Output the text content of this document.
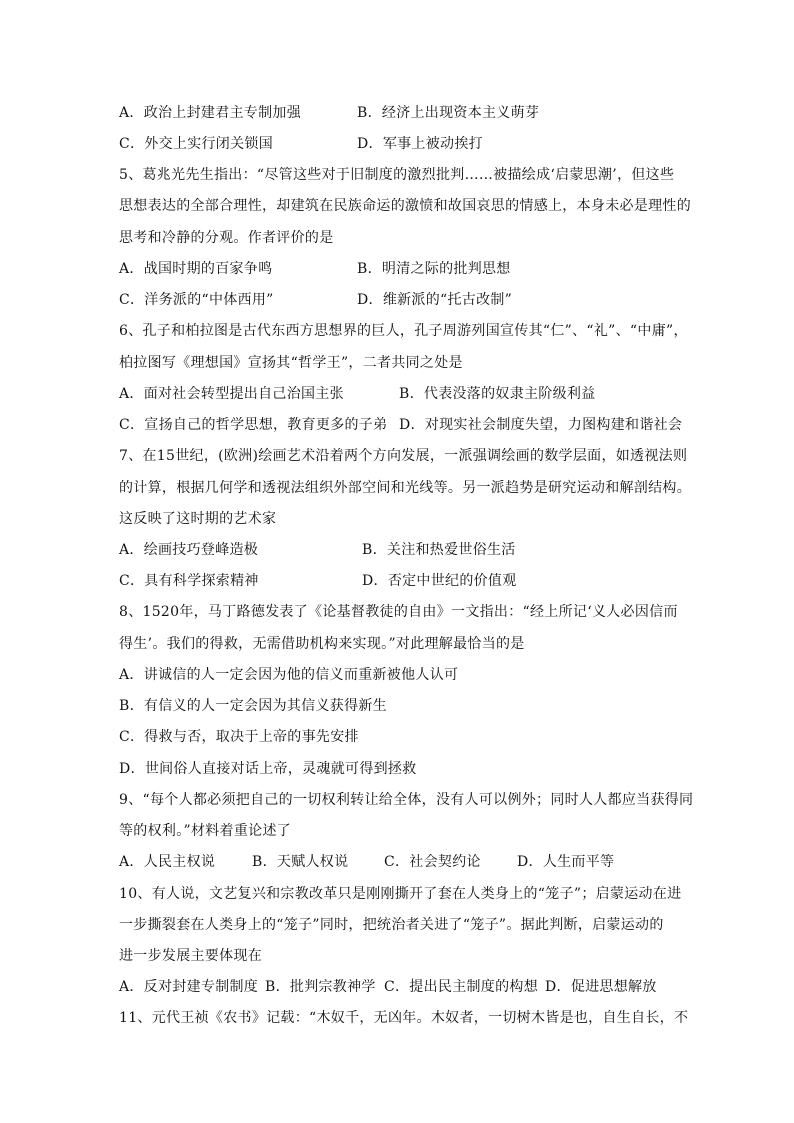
A．政治上封建君主专制加强	B．经济上出现资本主义萌芽
C．外交上实行闭关锁国	D．军事上被动挨打
5、葛兆光先生指出：“尽管这些对于旧制度的激烈批判……被描绘成‘启蒙思潮’，但这些
思想表达的全部合理性，却建筑在民族命运的激愤和故国哀思的情感上，本身未必是理性的
思考和冷静的分观。作者评价的是
A．战国时期的百家争鸣	B．明清之际的批判思想
C．洋务派的“中体西用”	D．维新派的“托古改制”
6、孔子和柏拉图是古代东西方思想界的巨人，孔子周游列国宣传其“仁”、“礼”、“中庸”，
柏拉图写《理想国》宣扬其“哲学王”，二者共同之处是
A．面对社会转型提出自己治国主张	B．代表没落的奴隶主阶级利益
C．宣扬自己的哲学思想，教育更多的子弟 D．对现实社会制度失望，力图构建和谐社会
7、在15世纪，(欧洲)绘画艺术沿着两个方向发展，一派强调绘画的数学层面，如透视法则
的计算，根据几何学和透视法组织外部空间和光线等。另一派趋势是研究运动和解剖结构。
这反映了这时期的艺术家
A．绘画技巧登峰造极	B．关注和热爱世俗生活
C．具有科学探索精神	D．否定中世纪的价值观
8、1520年，马丁路德发表了《论基督教徒的自由》一文指出：“经上所记‘义人必因信而
得生’。我们的得救，无需借助机构来实现。”对此理解最恰当的是
A．讲诚信的人一定会因为他的信义而重新被他人认可
B．有信义的人一定会因为其信义获得新生
C．得救与否，取决于上帝的事先安排
D．世间俗人直接对话上帝，灵魂就可得到拯救
9、“每个人都必须把自己的一切权利转让给全体，没有人可以例外；同时人人都应当获得同
等的权利。”材料着重论述了
A．人民主权说	B．天赋人权说	C．社会契约论	D．人生而平等
10、有人说，文艺复兴和宗教改革只是刚刚撕开了套在人类身上的“笼子”；启蒙运动在进
一步撕裂套在人类身上的“笼子”同时，把统治者关进了“笼子”。据此判断，启蒙运动的
进一步发展主要体现在
A．反对封建专制制度 B．批判宗教神学 C．提出民主制度的构想 D．促进思想解放
11、元代王祯《农书》记载：“木奴千，无凶年。木奴者，一切树木皆是也，自生自长，不
